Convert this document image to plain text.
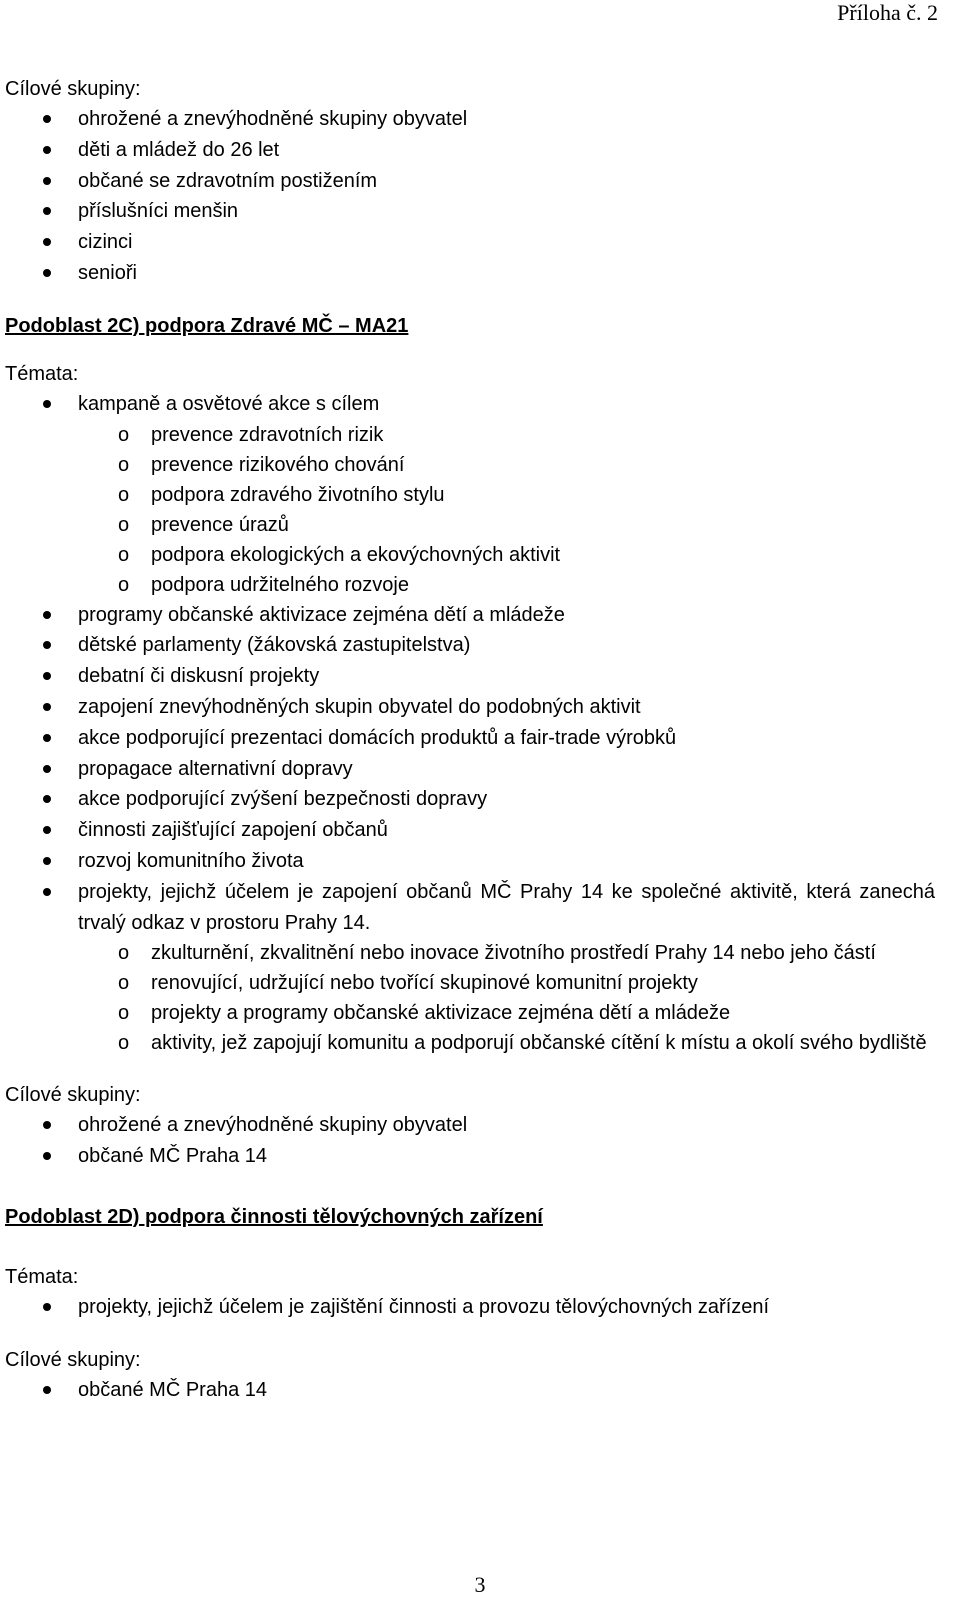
Příloha č. 2

Cílové skupiny:

ohrožené a znevýhodněné skupiny obyvatel
děti a mládež do 26 let
občané se zdravotním postižením
příslušníci menšin
cizinci
senioři

Podoblast 2C) podpora Zdravé MČ – MA21

Témata:

kampaně a osvětové akce s cílem
o prevence zdravotních rizik
o prevence rizikového chování
o podpora zdravého životního stylu
o prevence úrazů
o podpora ekologických a ekovýchovných aktivit
o podpora udržitelného rozvoje
programy občanské aktivizace zejména dětí a mládeže
dětské parlamenty (žákovská zastupitelstva)
debatní či diskusní projekty
zapojení znevýhodněných skupin obyvatel do podobných aktivit
akce podporující prezentaci domácích produktů a fair-trade výrobků
propagace alternativní dopravy
akce podporující zvýšení bezpečnosti dopravy
činnosti zajišťující zapojení občanů
rozvoj komunitního života
projekty, jejichž účelem je zapojení občanů MČ Prahy 14 ke společné aktivitě, která zanechá trvalý odkaz v prostoru Prahy 14.
o zkulturnění, zkvalitnění nebo inovace životního prostředí Prahy 14 nebo jeho částí
o renovující, udržující nebo tvořící skupinové komunitní projekty
o projekty a programy občanské aktivizace zejména dětí a mládeže
o aktivity, jež zapojují komunitu a podporují občanské cítění k místu a okolí svého bydliště

Cílové skupiny:

ohrožené a znevýhodněné skupiny obyvatel
občané MČ Praha 14

Podoblast 2D) podpora činnosti tělovýchovných zařízení

Témata:

projekty, jejichž účelem je zajištění činnosti a provozu tělovýchovných zařízení

Cílové skupiny:

občané MČ Praha 14
3
